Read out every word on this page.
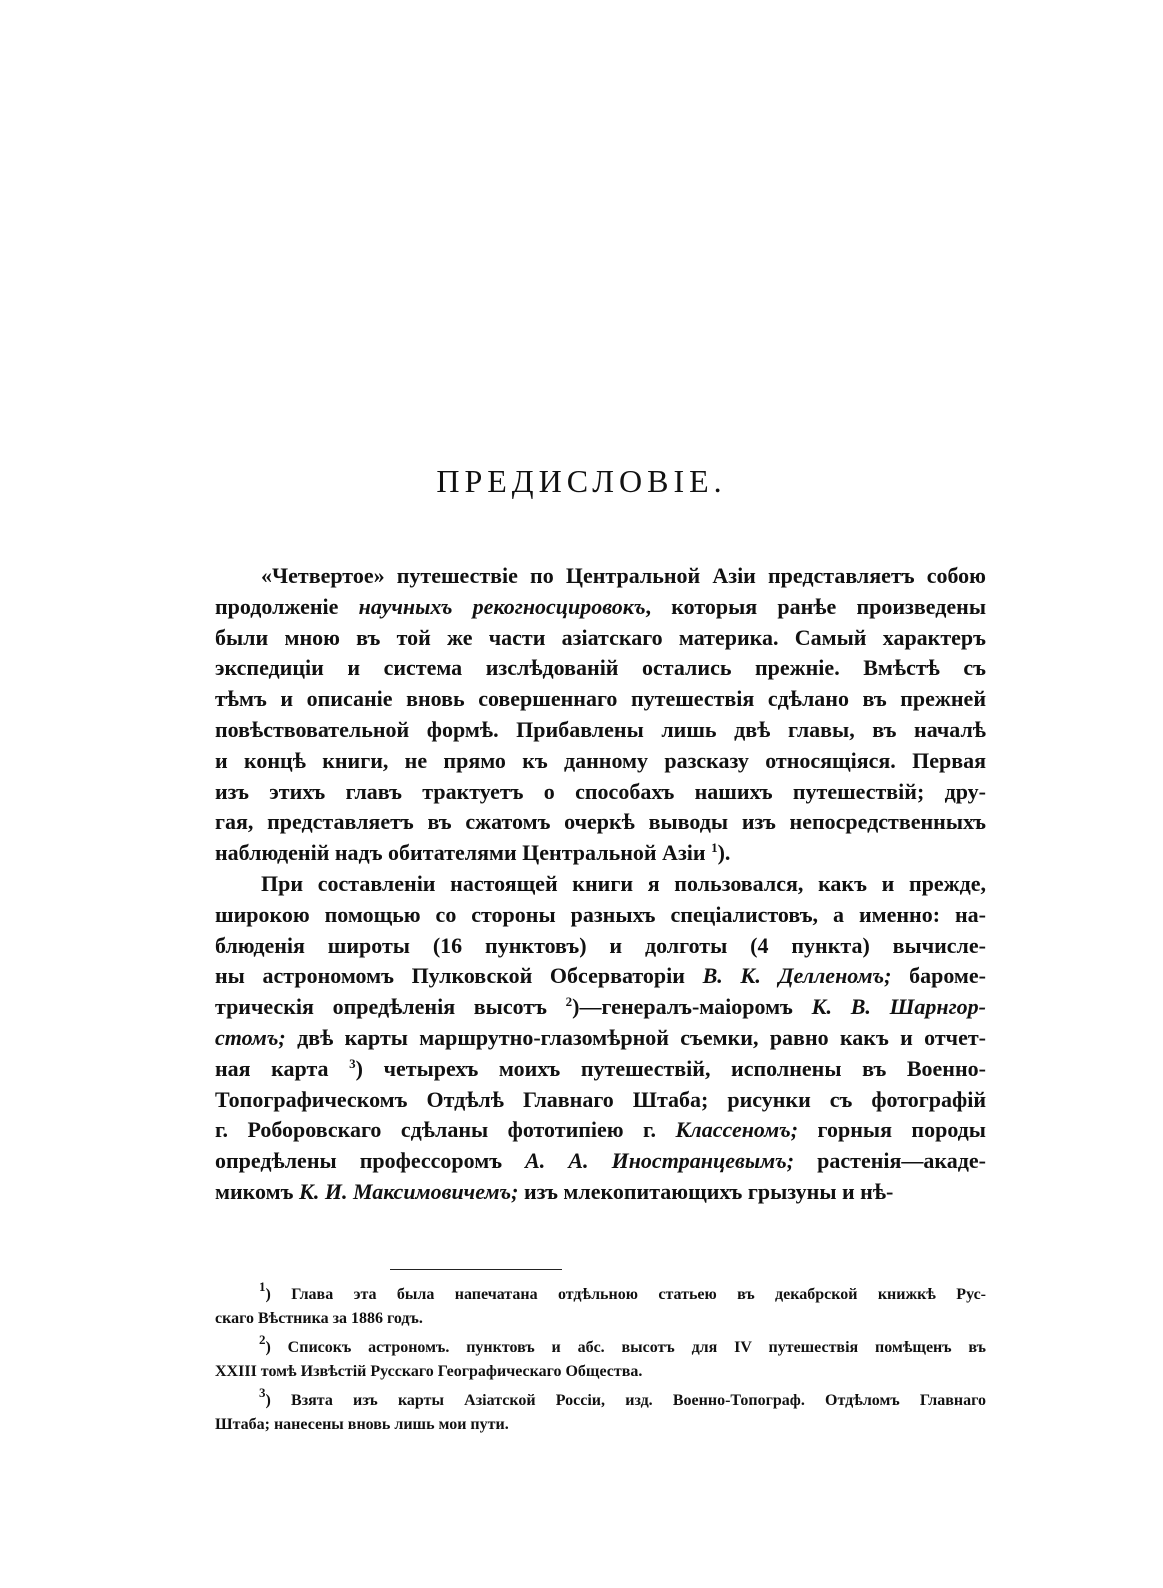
ПРЕДИСЛОВІЕ.

«Четвертое» путешествіе по Центральной Азіи представляетъ собою
продолженіе научныхъ рекогносцировокъ, которыя ранѣе произведены
были мною въ той же части азіатскаго материка. Самый характеръ
экспедиціи и система изслѣдованій остались прежніе. Вмѣстѣ съ
тѣмъ и описаніе вновь совершеннаго путешествія сдѣлано въ прежней
повѣствовательной формѣ. Прибавлены лишь двѣ главы, въ началѣ
и концѣ книги, не прямо къ данному разсказу относящіяся. Первая
изъ этихъ главъ трактуетъ о способахъ нашихъ путешествій; дру-
гая, представляетъ въ сжатомъ очеркѣ выводы изъ непосредственныхъ
наблюденій надъ обитателями Центральной Азіи $^1$).

При составленіи настоящей книги я пользовался, какъ и прежде,
широкою помощью со стороны разныхъ спеціалистовъ, а именно: на-
блюденія широты (16 пунктовъ) и долготы (4 пункта) вычисле-
ны астрономомъ Пулковской Обсерваторіи В. К. Делленомъ; бароме-
трическія опредѣленія высотъ $^2$)—генералъ-маіоромъ К. В. Шарнгор-
стомъ; двѣ карты маршрутно-глазомѣрной съемки, равно какъ и отчет-
ная карта $^3$) четырехъ моихъ путешествій, исполнены въ Военно-
Топографическомъ Отдѣлѣ Главнаго Штаба; рисунки съ фотографій
г. Роборовскаго сдѣланы фототипіею г. Классеномъ; горныя породы
опредѣлены профессоромъ А. А. Иностранцевымъ; растенія—акаде-
микомъ К. И. Максимовичемъ; изъ млекопитающихъ грызуны и нѣ-

$^1$) Глава эта была напечатана отдѣльною статьею въ декабрской книжкѣ Рус-
скаго Вѣстника за 1886 годъ.

$^2$) Списокъ астрономъ. пунктовъ и абс. высотъ для IV путешествія помѣщенъ въ
XXIII томѣ Извѣстій Русскаго Географическаго Общества.

$^3$) Взята изъ карты Азіатской Россіи, изд. Военно-Топограф. Отдѣломъ Главнаго
Штаба; нанесены вновь лишь мои пути.
